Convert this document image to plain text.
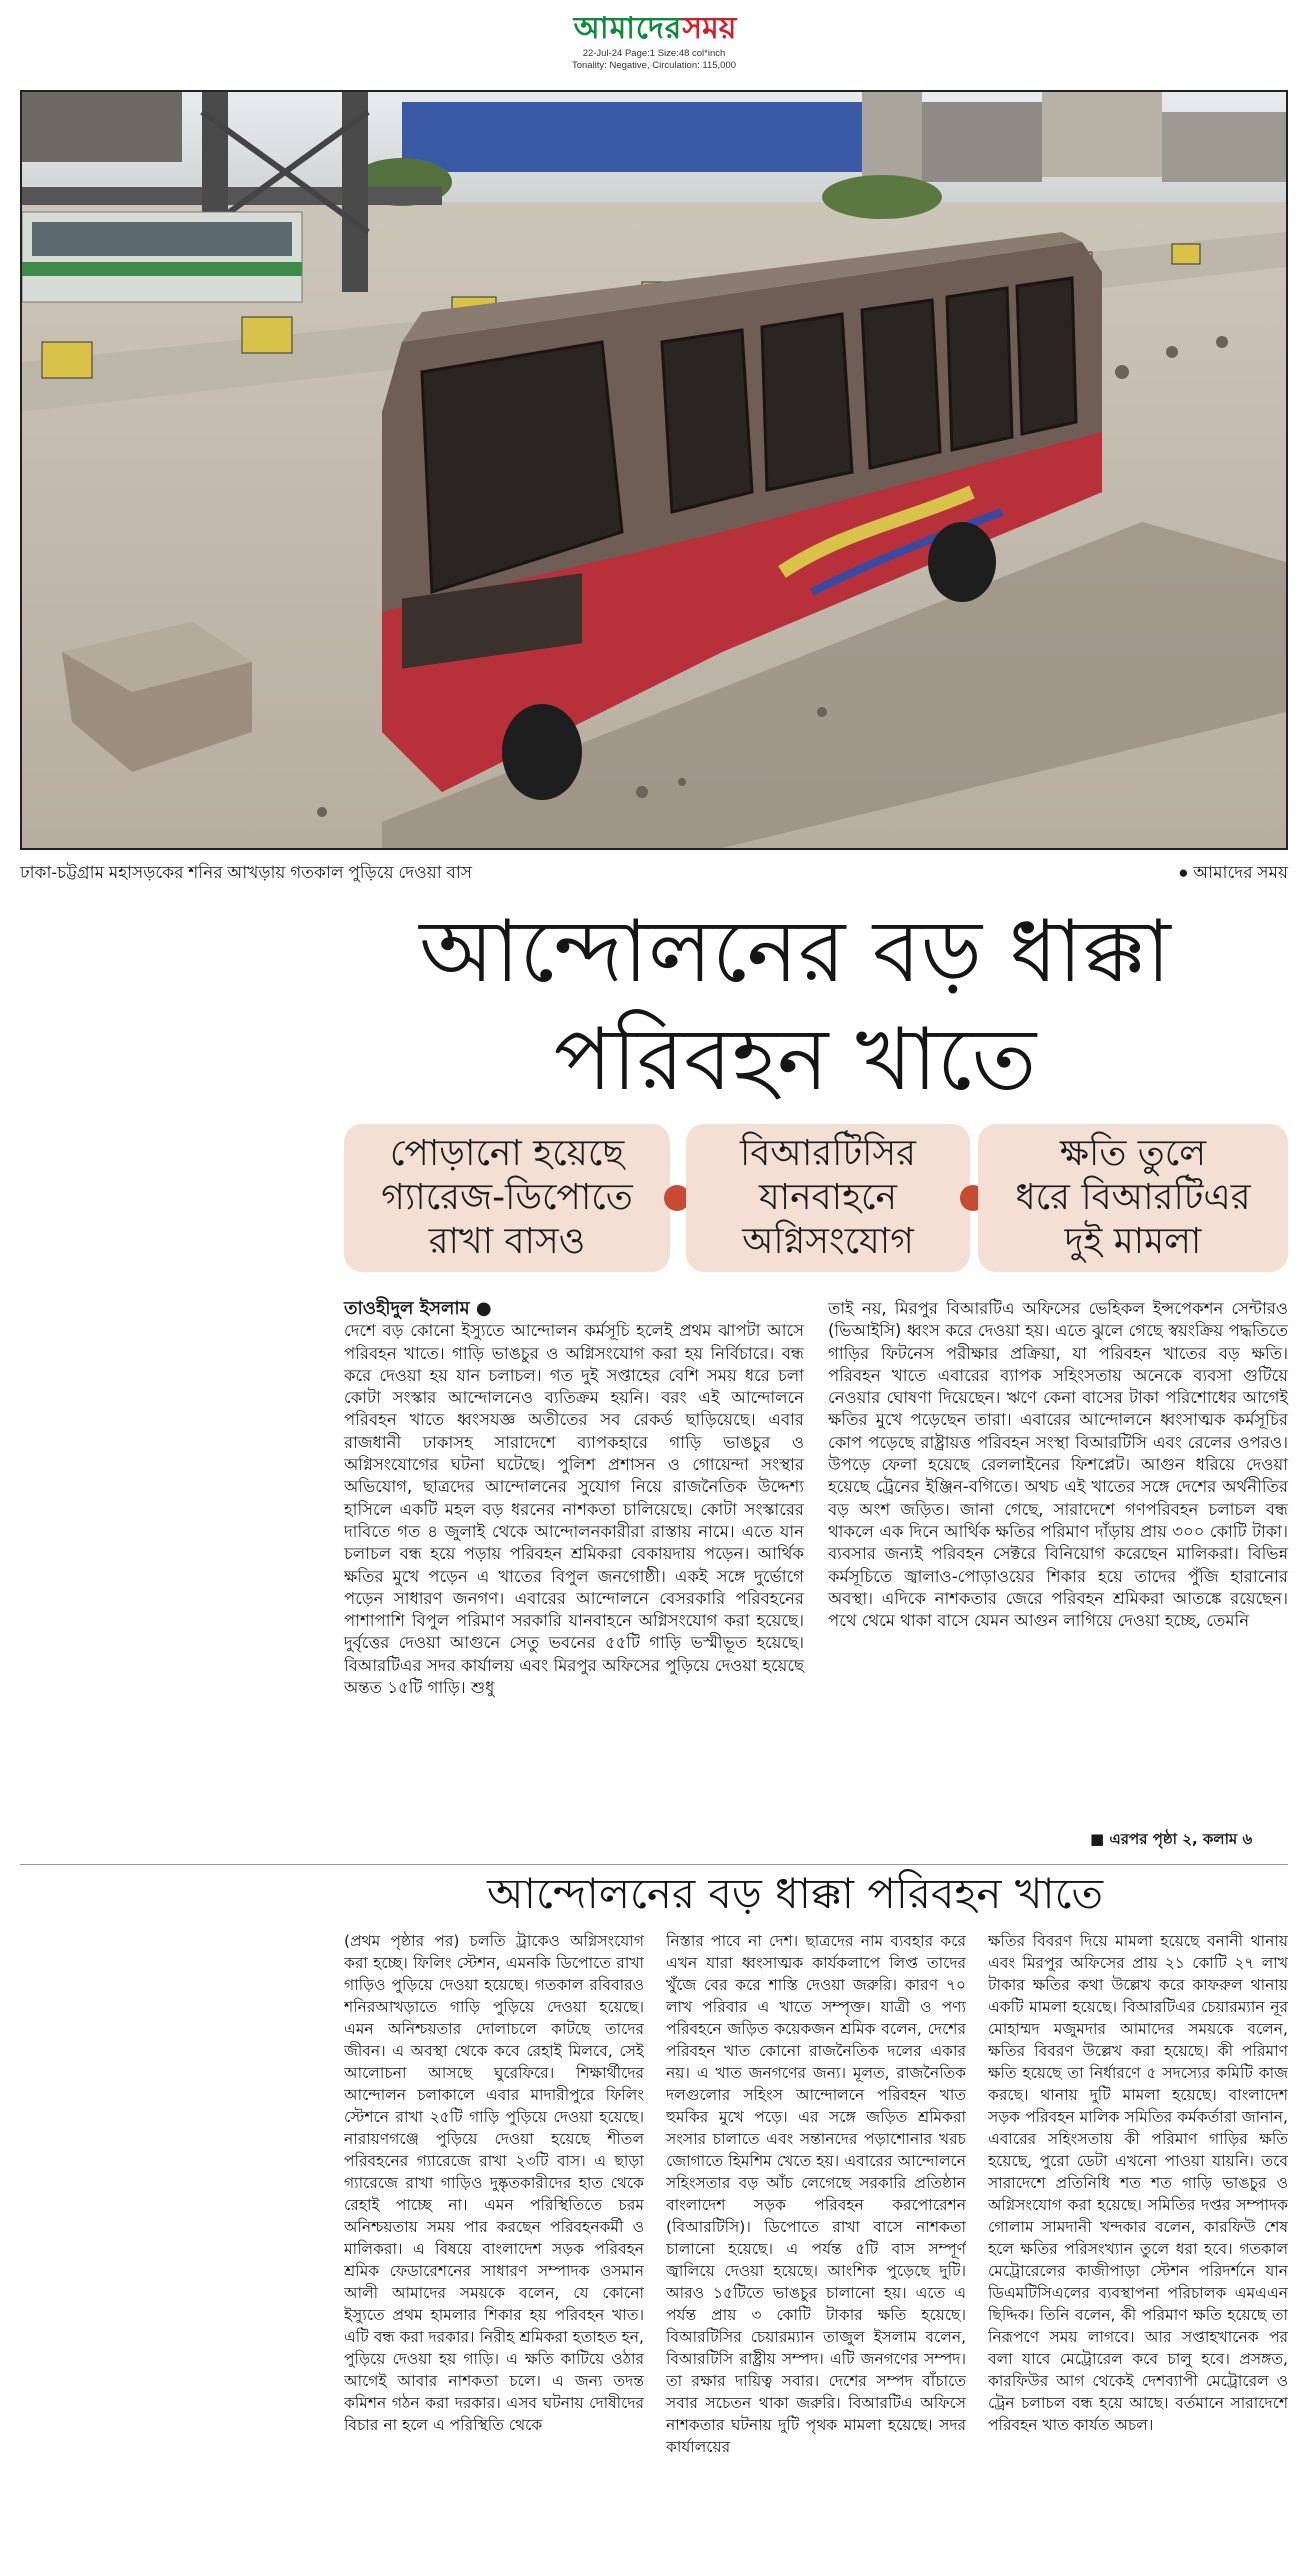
আমাদেরসময়
22-Jul-24 Page:1 Size:48 col*inch
Tonality: Negative, Circulation: 115,000
ঢাকা-চট্টগ্রাম মহাসড়কের শনির আখড়ায় গতকাল পুড়িয়ে দেওয়া বাস	● আমাদের সময়
আন্দোলনের বড় ধাক্কা
পরিবহন খাতে
পোড়ানো হয়েছে
গ্যারেজ-ডিপোতে
রাখা বাসও
বিআরটিসির
যানবাহনে
অগ্নিসংযোগ
ক্ষতি তুলে
ধরে বিআরটিএর
দুই মামলা
তাওহীদুল ইসলাম ●
দেশে বড় কোনো ইস্যুতে আন্দোলন কর্মসূচি হলেই প্রথম ঝাপটা আসে পরিবহন খাতে। গাড়ি ভাঙচুর ও অগ্নিসংযোগ করা হয় নির্বিচারে। বন্ধ করে দেওয়া হয় যান চলাচল। গত দুই সপ্তাহের বেশি সময় ধরে চলা কোটা সংস্কার আন্দোলনেও ব্যতিক্রম হয়নি। বরং এই আন্দোলনে পরিবহন খাতে ধ্বংসযজ্ঞ অতীতের সব রেকর্ড ছাড়িয়েছে। এবার রাজধানী ঢাকাসহ সারাদেশে ব্যাপকহারে গাড়ি ভাঙচুর ও অগ্নিসংযোগের ঘটনা ঘটেছে। পুলিশ প্রশাসন ও গোয়েন্দা সংস্থার অভিযোগ, ছাত্রদের আন্দোলনের সুযোগ নিয়ে রাজনৈতিক উদ্দেশ্য হাসিলে একটি মহল বড় ধরনের নাশকতা চালিয়েছে। কোটা সংস্কারের দাবিতে গত ৪ জুলাই থেকে আন্দোলনকারীরা রাস্তায় নামে। এতে যান চলাচল বন্ধ হয়ে পড়ায় পরিবহন শ্রমিকরা বেকায়দায় পড়েন। আর্থিক ক্ষতির মুখে পড়েন এ খাতের বিপুল জনগোষ্ঠী। একই সঙ্গে দুর্ভোগে পড়েন সাধারণ জনগণ। এবারের আন্দোলনে বেসরকারি পরিবহনের পাশাপাশি বিপুল পরিমাণ সরকারি যানবাহনে অগ্নিসংযোগ করা হয়েছে। দুর্বৃত্তের দেওয়া আগুনে সেতু ভবনের ৫৫টি গাড়ি ভস্মীভূত হয়েছে। বিআরটিএর সদর কার্যালয় এবং মিরপুর অফিসের পুড়িয়ে দেওয়া হয়েছে অন্তত ১৫টি গাড়ি। শুধু
তাই নয়, মিরপুর বিআরটিএ অফিসের ভেহিকল ইন্সপেকশন সেন্টারও (ভিআইসি) ধ্বংস করে দেওয়া হয়। এতে ঝুলে গেছে স্বয়ংক্রিয় পদ্ধতিতে গাড়ির ফিটনেস পরীক্ষার প্রক্রিয়া, যা পরিবহন খাতের বড় ক্ষতি। পরিবহন খাতে এবারের ব্যাপক সহিংসতায় অনেকে ব্যবসা গুটিয়ে নেওয়ার ঘোষণা দিয়েছেন। ঋণে কেনা বাসের টাকা পরিশোধের আগেই ক্ষতির মুখে পড়েছেন তারা। এবারের আন্দোলনে ধ্বংসাত্মক কর্মসূচির কোপ পড়েছে রাষ্ট্রায়ত্ত পরিবহন সংস্থা বিআরটিসি এবং রেলের ওপরও। উপড়ে ফেলা হয়েছে রেললাইনের ফিশপ্লেট। আগুন ধরিয়ে দেওয়া হয়েছে ট্রেনের ইঞ্জিন-বগিতে। অথচ এই খাতের সঙ্গে দেশের অর্থনীতির বড় অংশ জড়িত। জানা গেছে, সারাদেশে গণপরিবহন চলাচল বন্ধ থাকলে এক দিনে আর্থিক ক্ষতির পরিমাণ দাঁড়ায় প্রায় ৩০০ কোটি টাকা। ব্যবসার জন্যই পরিবহন সেক্টরে বিনিয়োগ করেছেন মালিকরা। বিভিন্ন কর্মসূচিতে জ্বালাও-পোড়াওয়ের শিকার হয়ে তাদের পুঁজি হারানোর অবস্থা। এদিকে নাশকতার জেরে পরিবহন শ্রমিকরা আতঙ্কে রয়েছেন। পথে থেমে থাকা বাসে যেমন আগুন লাগিয়ে দেওয়া হচ্ছে, তেমনি
■ এরপর পৃষ্ঠা ২, কলাম ৬
আন্দোলনের বড় ধাক্কা পরিবহন খাতে
(প্রথম পৃষ্ঠার পর) চলতি ট্রাকেও অগ্নিসংযোগ করা হচ্ছে। ফিলিং স্টেশন, এমনকি ডিপোতে রাখা গাড়িও পুড়িয়ে দেওয়া হয়েছে। গতকাল রবিবারও শনিরআখড়াতে গাড়ি পুড়িয়ে দেওয়া হয়েছে। এমন অনিশ্চয়তার দোলাচলে কাটছে তাদের জীবন। এ অবস্থা থেকে কবে রেহাই মিলবে, সেই আলোচনা আসছে ঘুরেফিরে। শিক্ষার্থীদের আন্দোলন চলাকালে এবার মাদারীপুরে ফিলিং স্টেশনে রাখা ২৫টি গাড়ি পুড়িয়ে দেওয়া হয়েছে। নারায়ণগঞ্জে পুড়িয়ে দেওয়া হয়েছে শীতল পরিবহনের গ্যারেজে রাখা ২৩টি বাস। এ ছাড়া গ্যারেজে রাখা গাড়িও দুষ্কৃতকারীদের হাত থেকে রেহাই পাচ্ছে না। এমন পরিস্থিতিতে চরম অনিশ্চয়তায় সময় পার করছেন পরিবহনকর্মী ও মালিকরা। এ বিষয়ে বাংলাদেশ সড়ক পরিবহন শ্রমিক ফেডারেশনের সাধারণ সম্পাদক ওসমান আলী আমাদের সময়কে বলেন, যে কোনো ইস্যুতে প্রথম হামলার শিকার হয় পরিবহন খাত। এটি বন্ধ করা দরকার। নিরীহ শ্রমিকরা হতাহত হন, পুড়িয়ে দেওয়া হয় গাড়ি। এ ক্ষতি কাটিয়ে ওঠার আগেই আবার নাশকতা চলে। এ জন্য তদন্ত কমিশন গঠন করা দরকার। এসব ঘটনায় দোষীদের বিচার না হলে এ পরিস্থিতি থেকে
নিস্তার পাবে না দেশ। ছাত্রদের নাম ব্যবহার করে এখন যারা ধ্বংসাত্মক কার্যকলাপে লিপ্ত তাদের খুঁজে বের করে শাস্তি দেওয়া জরুরি। কারণ ৭০ লাখ পরিবার এ খাতে সম্পৃক্ত। যাত্রী ও পণ্য পরিবহনে জড়িত কয়েকজন শ্রমিক বলেন, দেশের পরিবহন খাত কোনো রাজনৈতিক দলের একার নয়। এ খাত জনগণের জন্য। মূলত, রাজনৈতিক দলগুলোর সহিংস আন্দোলনে পরিবহন খাত হুমকির মুখে পড়ে। এর সঙ্গে জড়িত শ্রমিকরা সংসার চালাতে এবং সন্তানদের পড়াশোনার খরচ জোগাতে হিমশিম খেতে হয়। এবারের আন্দোলনে সহিংসতার বড় আঁচ লেগেছে সরকারি প্রতিষ্ঠান বাংলাদেশ সড়ক পরিবহন করপোরেশন (বিআরটিসি)। ডিপোতে রাখা বাসে নাশকতা চালানো হয়েছে। এ পর্যন্ত ৫টি বাস সম্পূর্ণ জ্বালিয়ে দেওয়া হয়েছে। আংশিক পুড়েছে দুটি। আরও ১৫টিতে ভাঙচুর চালানো হয়। এতে এ পর্যন্ত প্রায় ৩ কোটি টাকার ক্ষতি হয়েছে। বিআরটিসির চেয়ারম্যান তাজুল ইসলাম বলেন, বিআরটিসি রাষ্ট্রীয় সম্পদ। এটি জনগণের সম্পদ। তা রক্ষার দায়িত্ব সবার। দেশের সম্পদ বাঁচাতে সবার সচেতন থাকা জরুরি। বিআরটিএ অফিসে নাশকতার ঘটনায় দুটি পৃথক মামলা হয়েছে। সদর কার্যালয়ের
ক্ষতির বিবরণ দিয়ে মামলা হয়েছে বনানী থানায় এবং মিরপুর অফিসের প্রায় ২১ কোটি ২৭ লাখ টাকার ক্ষতির কথা উল্লেখ করে কাফরুল থানায় একটি মামলা হয়েছে। বিআরটিএর চেয়ারম্যান নূর মোহাম্মদ মজুমদার আমাদের সময়কে বলেন, ক্ষতির বিবরণ উল্লেখ করা হয়েছে। কী পরিমাণ ক্ষতি হয়েছে তা নির্ধারণে ৫ সদস্যের কমিটি কাজ করছে। থানায় দুটি মামলা হয়েছে। বাংলাদেশ সড়ক পরিবহন মালিক সমিতির কর্মকর্তারা জানান, এবারের সহিংসতায় কী পরিমাণ গাড়ির ক্ষতি হয়েছে, পুরো ডেটা এখনো পাওয়া যায়নি। তবে সারাদেশে প্রতিনিধি শত শত গাড়ি ভাঙচুর ও অগ্নিসংযোগ করা হয়েছে। সমিতির দপ্তর সম্পাদক গোলাম সামদানী খন্দকার বলেন, কারফিউ শেষ হলে ক্ষতির পরিসংখ্যান তুলে ধরা হবে। গতকাল মেট্রোরেলের কাজীপাড়া স্টেশন পরিদর্শনে যান ডিএমটিসিএলের ব্যবস্থাপনা পরিচালক এমএএন ছিদ্দিক। তিনি বলেন, কী পরিমাণ ক্ষতি হয়েছে তা নিরূপণে সময় লাগবে। আর সপ্তাহখানেক পর বলা যাবে মেট্রোরেল কবে চালু হবে। প্রসঙ্গত, কারফিউর আগ থেকেই দেশব্যাপী মেট্রোরেল ও ট্রেন চলাচল বন্ধ হয়ে আছে। বর্তমানে সারাদেশে পরিবহন খাত কার্যত অচল।
